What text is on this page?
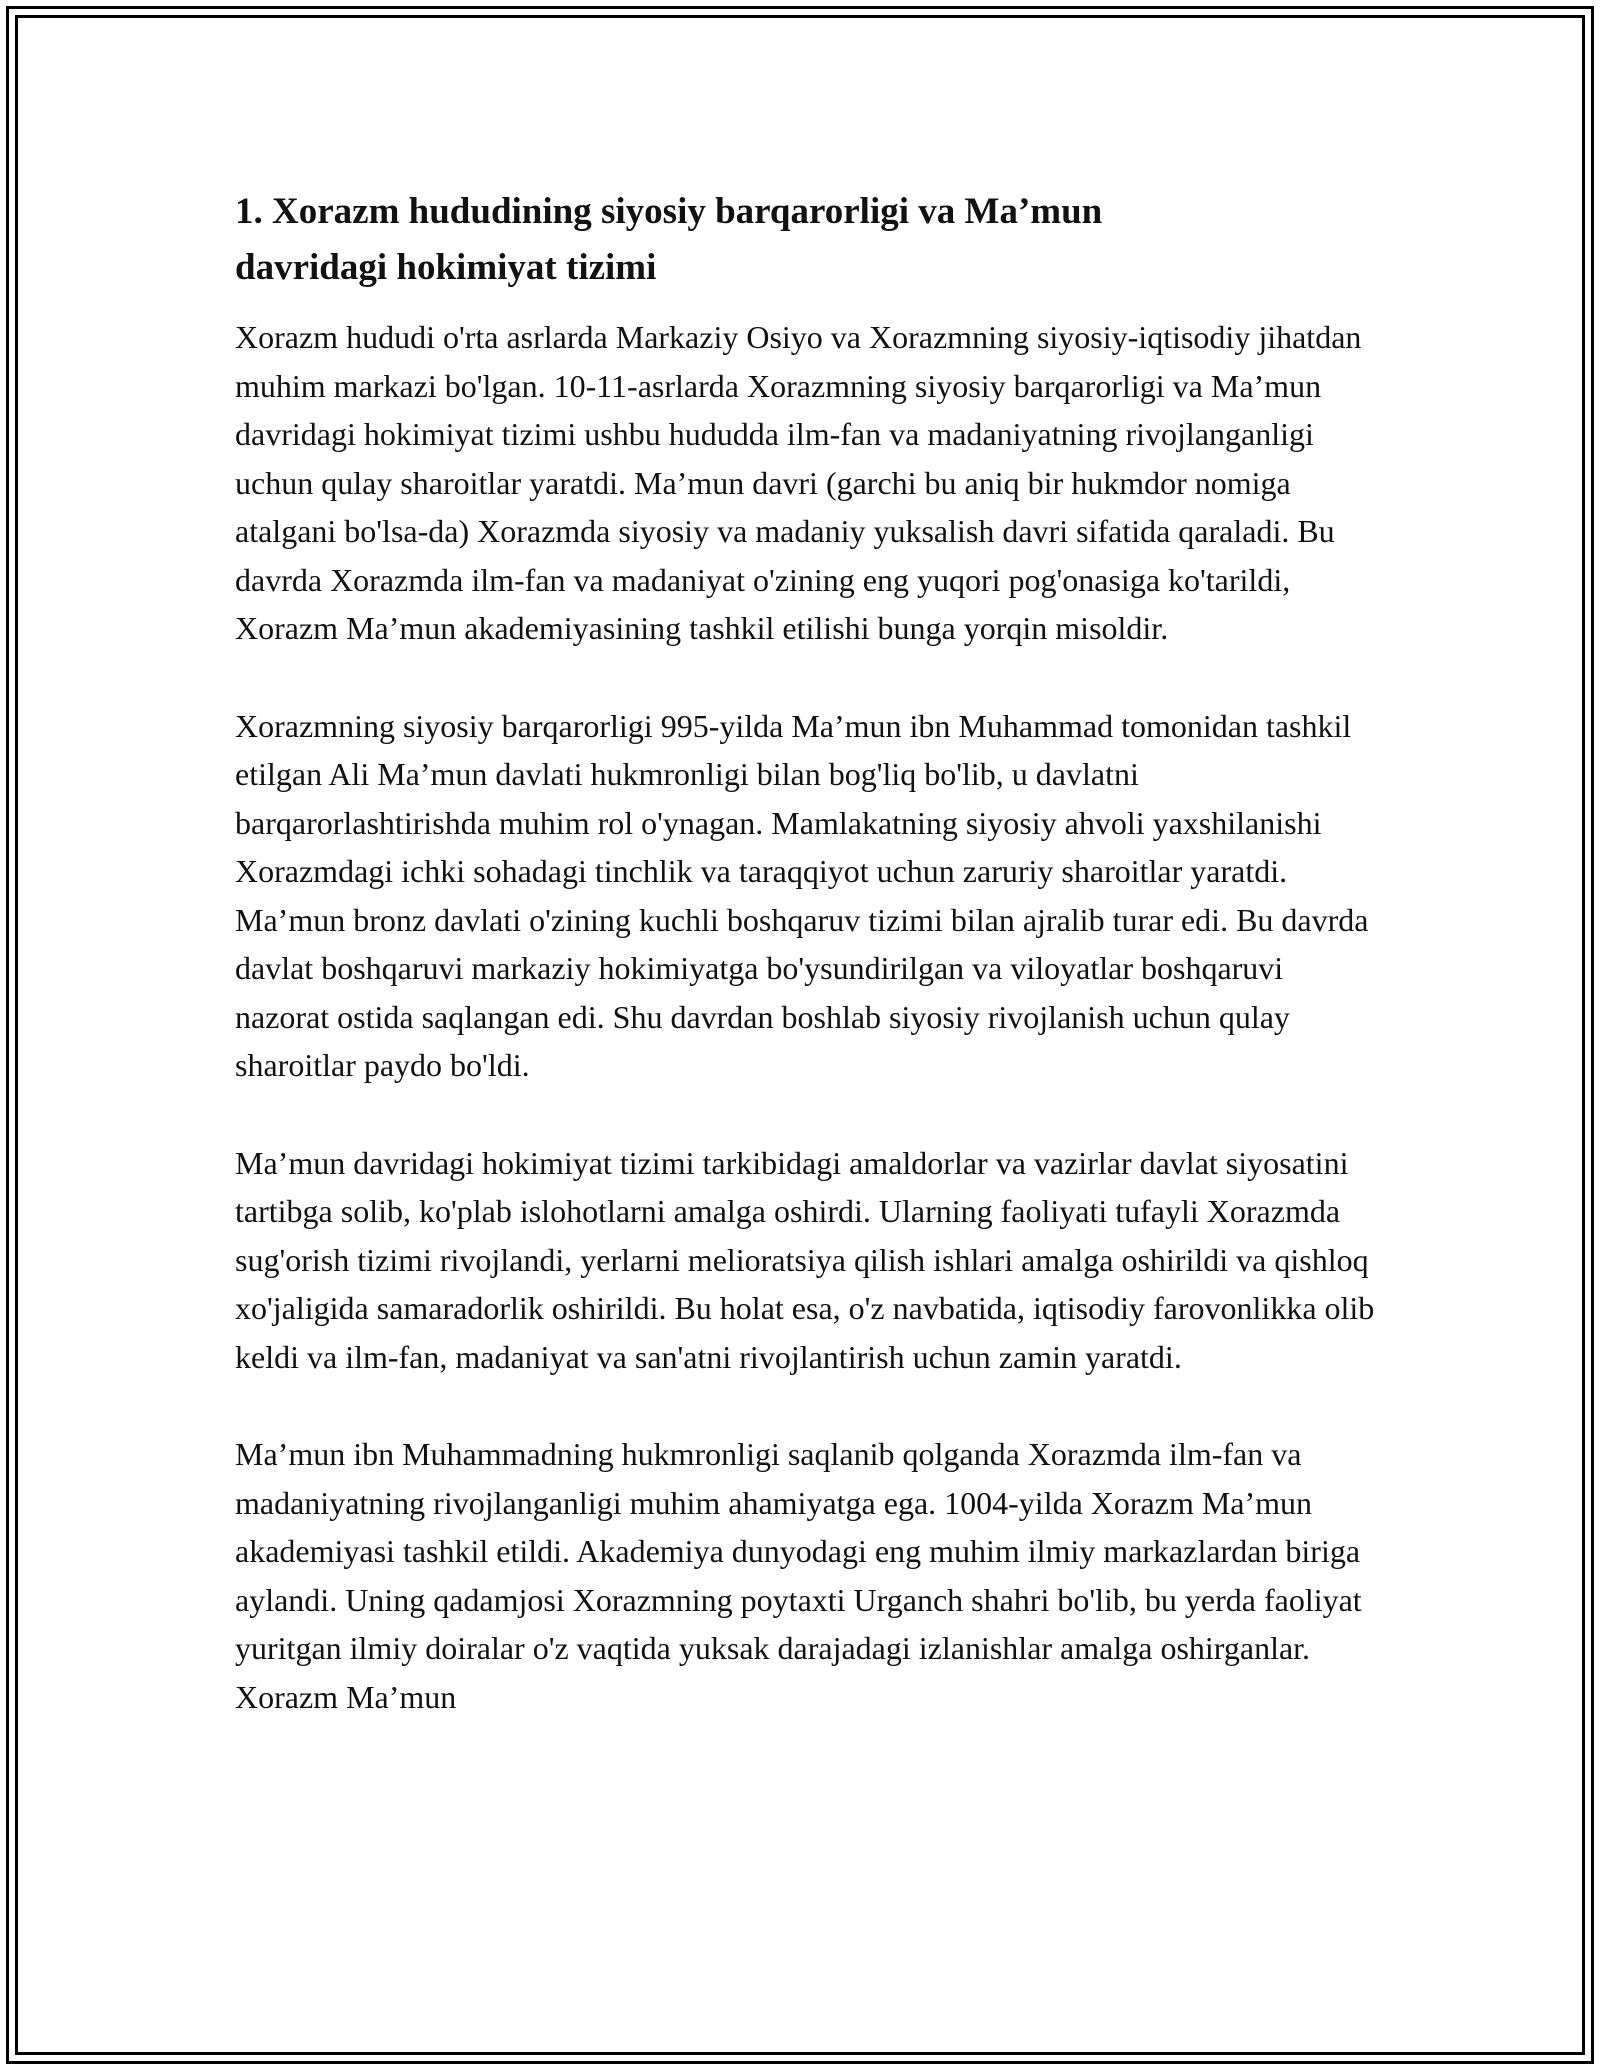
1. Xorazm hududining siyosiy barqarorligi va Ma’mun
davridagi hokimiyat tizimi

Xorazm hududi o'rta asrlarda Markaziy Osiyo va Xorazmning siyosiy-iqtisodiy jihatdan muhim markazi bo'lgan. 10-11-asrlarda Xorazmning siyosiy barqarorligi va Ma’mun davridagi hokimiyat tizimi ushbu hududda ilm-fan va madaniyatning rivojlanganligi uchun qulay sharoitlar yaratdi. Ma’mun davri (garchi bu aniq bir hukmdor nomiga atalgani bo'lsa-da) Xorazmda siyosiy va madaniy yuksalish davri sifatida qaraladi. Bu davrda Xorazmda ilm-fan va madaniyat o'zining eng yuqori pog'onasiga ko'tarildi, Xorazm Ma’mun akademiyasining tashkil etilishi bunga yorqin misoldir.

Xorazmning siyosiy barqarorligi 995-yilda Ma’mun ibn Muhammad tomonidan tashkil etilgan Ali Ma’mun davlati hukmronligi bilan bog'liq bo'lib, u davlatni barqarorlashtirishda muhim rol o'ynagan. Mamlakatning siyosiy ahvoli yaxshilanishi Xorazmdagi ichki sohadagi tinchlik va taraqqiyot uchun zaruriy sharoitlar yaratdi. Ma’mun bronz davlati o'zining kuchli boshqaruv tizimi bilan ajralib turar edi. Bu davrda davlat boshqaruvi markaziy hokimiyatga bo'ysundirilgan va viloyatlar boshqaruvi nazorat ostida saqlangan edi. Shu davrdan boshlab siyosiy rivojlanish uchun qulay sharoitlar paydo bo'ldi.

Ma’mun davridagi hokimiyat tizimi tarkibidagi amaldorlar va vazirlar davlat siyosatini tartibga solib, ko'plab islohotlarni amalga oshirdi. Ularning faoliyati tufayli Xorazmda sug'orish tizimi rivojlandi, yerlarni melioratsiya qilish ishlari amalga oshirildi va qishloq xo'jaligida samaradorlik oshirildi. Bu holat esa, o'z navbatida, iqtisodiy farovonlikka olib keldi va ilm-fan, madaniyat va san'atni rivojlantirish uchun zamin yaratdi.

Ma’mun ibn Muhammadning hukmronligi saqlanib qolganda Xorazmda ilm-fan va madaniyatning rivojlanganligi muhim ahamiyatga ega. 1004-yilda Xorazm Ma’mun akademiyasi tashkil etildi. Akademiya dunyodagi eng muhim ilmiy markazlardan biriga aylandi. Uning qadamjosi Xorazmning poytaxti Urganch shahri bo'lib, bu yerda faoliyat yuritgan ilmiy doiralar o'z vaqtida yuksak darajadagi izlanishlar amalga oshirganlar. Xorazm Ma’mun
